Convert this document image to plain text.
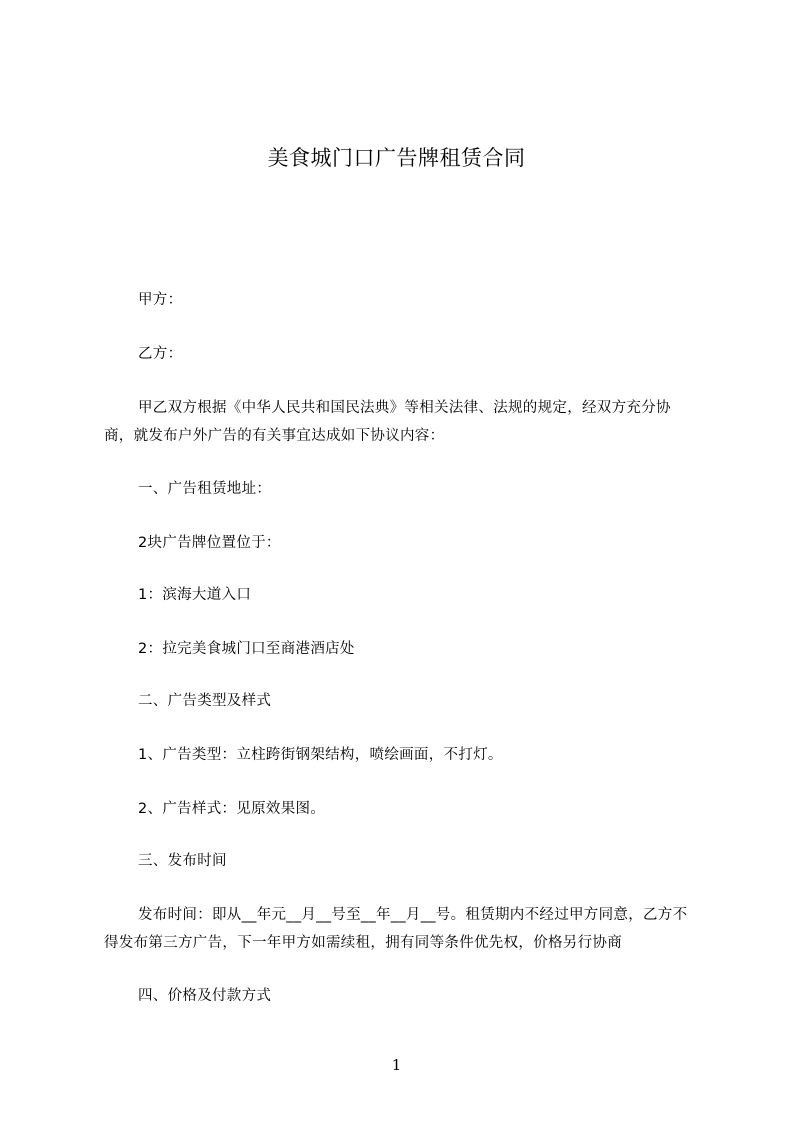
美食城门口广告牌租赁合同
甲方：
乙方：
甲乙双方根据《中华人民共和国民法典》等相关法律、法规的规定，经双方充分协商，就发布户外广告的有关事宜达成如下协议内容：
一、广告租赁地址：
2块广告牌位置位于：
1：滨海大道入口
2：拉完美食城门口至商港酒店处
二、广告类型及样式
1、广告类型：立柱跨街钢架结构，喷绘画面，不打灯。
2、广告样式：见原效果图。
三、发布时间
发布时间：即从__年元__月__号至__年__月__号。租赁期内不经过甲方同意，乙方不得发布第三方广告，下一年甲方如需续租，拥有同等条件优先权，价格另行协商
四、价格及付款方式
1
